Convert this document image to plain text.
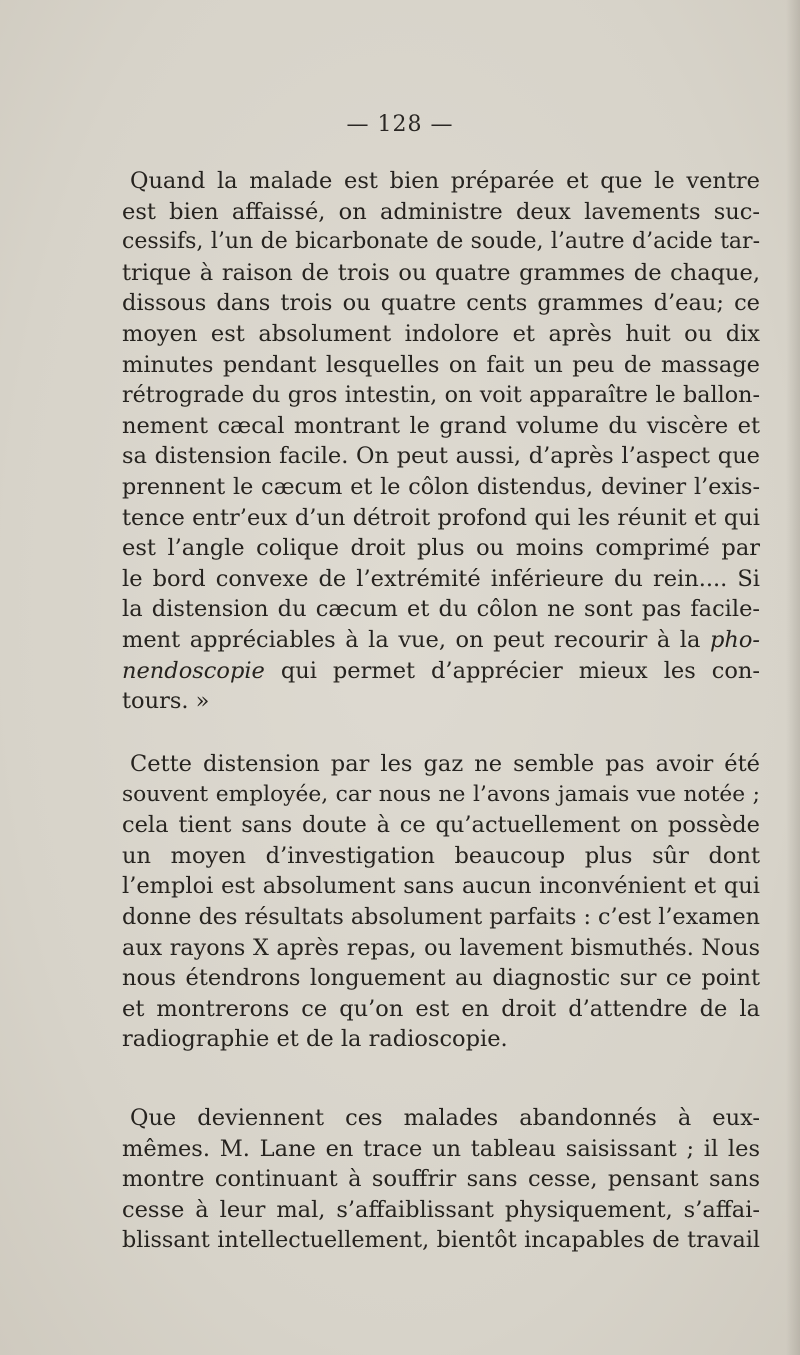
— 128 —
Quand la malade est bien préparée et que le ventre
est bien affaissé, on administre deux lavements suc-
cessifs, l’un de bicarbonate de soude, l’autre d’acide tar-
trique à raison de trois ou quatre grammes de chaque,
dissous dans trois ou quatre cents grammes d’eau; ce
moyen est absolument indolore et après huit ou dix
minutes pendant lesquelles on fait un peu de massage
rétrograde du gros intestin, on voit apparaître le ballon-
nement cæcal montrant le grand volume du viscère et
sa distension facile. On peut aussi, d’après l’aspect que
prennent le cæcum et le côlon distendus, deviner l’exis-
tence entr’eux d’un détroit profond qui les réunit et qui
est l’angle colique droit plus ou moins comprimé par
le bord convexe de l’extrémité inférieure du rein.... Si
la distension du cæcum et du côlon ne sont pas facile-
ment appréciables à la vue, on peut recourir à la pho-
nendoscopie qui permet d’apprécier mieux les con-
tours. »
Cette distension par les gaz ne semble pas avoir été
souvent employée, car nous ne l’avons jamais vue notée ;
cela tient sans doute à ce qu’actuellement on possède
un moyen d’investigation beaucoup plus sûr dont
l’emploi est absolument sans aucun inconvénient et qui
donne des résultats absolument parfaits : c’est l’examen
aux rayons X après repas, ou lavement bismuthés. Nous
nous étendrons longuement au diagnostic sur ce point
et montrerons ce qu’on est en droit d’attendre de la
radiographie et de la radioscopie.
Que deviennent ces malades abandonnés à eux-
mêmes. M. Lane en trace un tableau saisissant ; il les
montre continuant à souffrir sans cesse, pensant sans
cesse à leur mal, s’affaiblissant physiquement, s’affai-
blissant intellectuellement, bientôt incapables de travail
